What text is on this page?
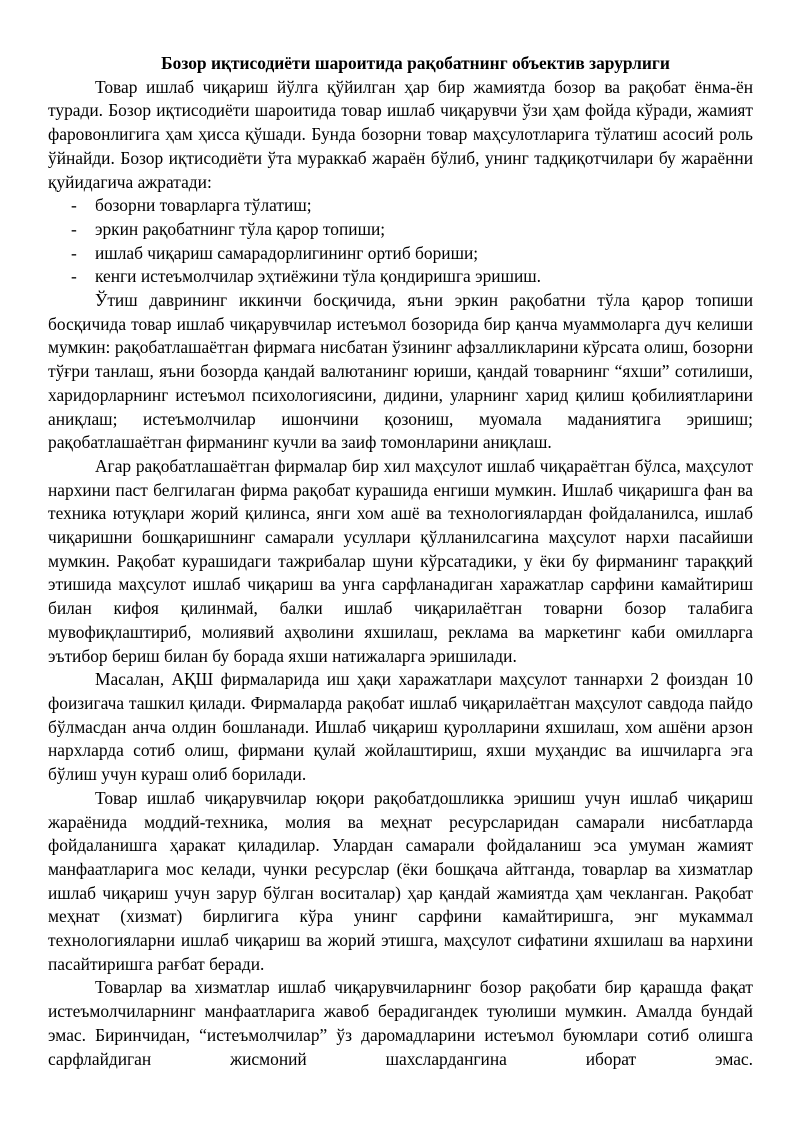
Бозор иқтисодиёти шароитида рақобатнинг объектив зарурлиги

Товар ишлаб чиқариш йўлга қўйилган ҳар бир жамиятда бозор ва рақобат ёнма-ён туради. Бозор иқтисодиёти шароитида товар ишлаб чиқарувчи ўзи ҳам фойда кўради, жамият фаровонлигига ҳам ҳисса қўшади. Бунда бозорни товар маҳсулотларига тўлатиш асосий роль ўйнайди. Бозор иқтисодиёти ўта мураккаб жараён бўлиб, унинг тадқиқотчилари бу жараённи қуйидагича ажратади:

- бозорни товарларга тўлатиш;
- эркин рақобатнинг тўла қарор топиши;
- ишлаб чиқариш самарадорлигининг ортиб бориши;
- кенги истеъмолчилар эҳтиёжини тўла қондиришга эришиш.

Ўтиш даврининг иккинчи босқичида, яъни эркин рақобатни тўла қарор топиши босқичида товар ишлаб чиқарувчилар истеъмол бозорида бир қанча муаммоларга дуч келиши мумкин: рақобатлашаётган фирмага нисбатан ўзининг афзалликларини кўрсата олиш, бозорни тўғри танлаш, яъни бозорда қандай валютанинг юриши, қандай товарнинг “яхши” сотилиши, харидорларнинг истеъмол психологиясини, дидини, уларнинг харид қилиш қобилиятларини аниқлаш; истеъмолчилар ишончини қозониш, муомала маданиятига эришиш; рақобатлашаётган фирманинг кучли ва заиф томонларини аниқлаш.

Агар рақобатлашаётган фирмалар бир хил маҳсулот ишлаб чиқараётган бўлса, маҳсулот нархини паст белгилаган фирма рақобат курашида енгиши мумкин. Ишлаб чиқаришга фан ва техника ютуқлари жорий қилинса, янги хом ашё ва технологиялардан фойдаланилса, ишлаб чиқаришни бошқаришнинг самарали усуллари қўлланилсагина маҳсулот нархи пасайиши мумкин. Рақобат курашидаги тажрибалар шуни кўрсатадики, у ёки бу фирманинг тараққий этишида маҳсулот ишлаб чиқариш ва унга сарфланадиган харажатлар сарфини камайтириш билан кифоя қилинмай, балки ишлаб чиқарилаётган товарни бозор талабига мувофиқлаштириб, молиявий аҳволини яхшилаш, реклама ва маркетинг каби омилларга эътибор бериш билан бу борада яхши натижаларга эришилади.

Масалан, АҚШ фирмаларида иш ҳақи харажатлари маҳсулот таннархи 2 фоиздан 10 фоизигача ташкил қилади. Фирмаларда рақобат ишлаб чиқарилаётган маҳсулот савдода пайдо бўлмасдан анча олдин бошланади. Ишлаб чиқариш қуролларини яхшилаш, хом ашёни арзон нархларда сотиб олиш, фирмани қулай жойлаштириш, яхши муҳандис ва ишчиларга эга бўлиш учун кураш олиб борилади.

Товар ишлаб чиқарувчилар юқори рақобатдошликка эришиш учун ишлаб чиқариш жараёнида моддий-техника, молия ва меҳнат ресурсларидан самарали нисбатларда фойдаланишга ҳаракат қиладилар. Улардан самарали фойдаланиш эса умуман жамият манфаатларига мос келади, чунки ресурслар (ёки бошқача айтганда, товарлар ва хизматлар ишлаб чиқариш учун зарур бўлган воситалар) ҳар қандай жамиятда ҳам чекланган. Рақобат меҳнат (хизмат) бирлигига кўра унинг сарфини камайтиришга, энг мукаммал технологияларни ишлаб чиқариш ва жорий этишга, маҳсулот сифатини яхшилаш ва нархини пасайтиришга рағбат беради.

Товарлар ва хизматлар ишлаб чиқарувчиларнинг бозор рақобати бир қарашда фақат истеъмолчиларнинг манфаатларига жавоб берадигандек туюлиши мумкин. Амалда бундай эмас. Биринчидан, “истеъмолчилар” ўз даромадларини истеъмол буюмлари сотиб олишга сарфлайдиган жисмоний шахслардангина иборат эмас.
